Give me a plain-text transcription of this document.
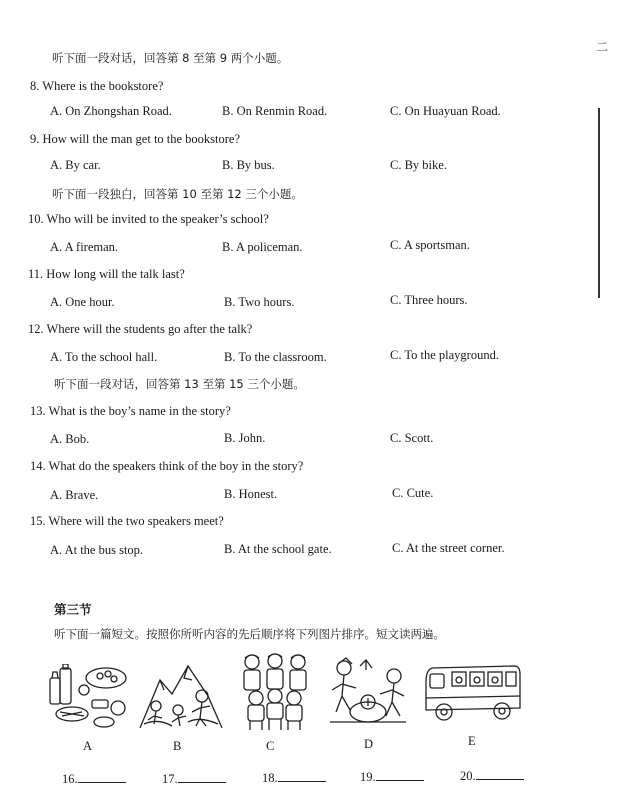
二
听下面一段对话，回答第 8 至第 9 两个小题。
8. Where is the bookstore?
A. On Zhongshan Road.	B. On Renmin Road.	C. On Huayuan Road.
9. How will the man get to the bookstore?
A. By car.	B. By bus.	C. By bike.
听下面一段独白，回答第 10 至第 12 三个小题。
10. Who will be invited to the speaker’s school?
A. A fireman.	B. A policeman.	C. A sportsman.
11. How long will the talk last?
A. One hour.	B. Two hours.	C. Three hours.
12. Where will the students go after the talk?
A. To the school hall.	B. To the classroom.	C. To the playground.
听下面一段对话，回答第 13 至第 15 三个小题。
13. What is the boy’s name in the story?
A. Bob.	B. John.	C. Scott.
14. What do the speakers think of the boy in the story?
A. Brave.	B. Honest.	C. Cute.
15. Where will the two speakers meet?
A. At the bus stop.	B. At the school gate.	C. At the street corner.
第三节
听下面一篇短文。按照你所听内容的先后顺序将下列图片排序。短文读两遍。
A	B	C	D	E
16.	17.	18.	19.	20.
